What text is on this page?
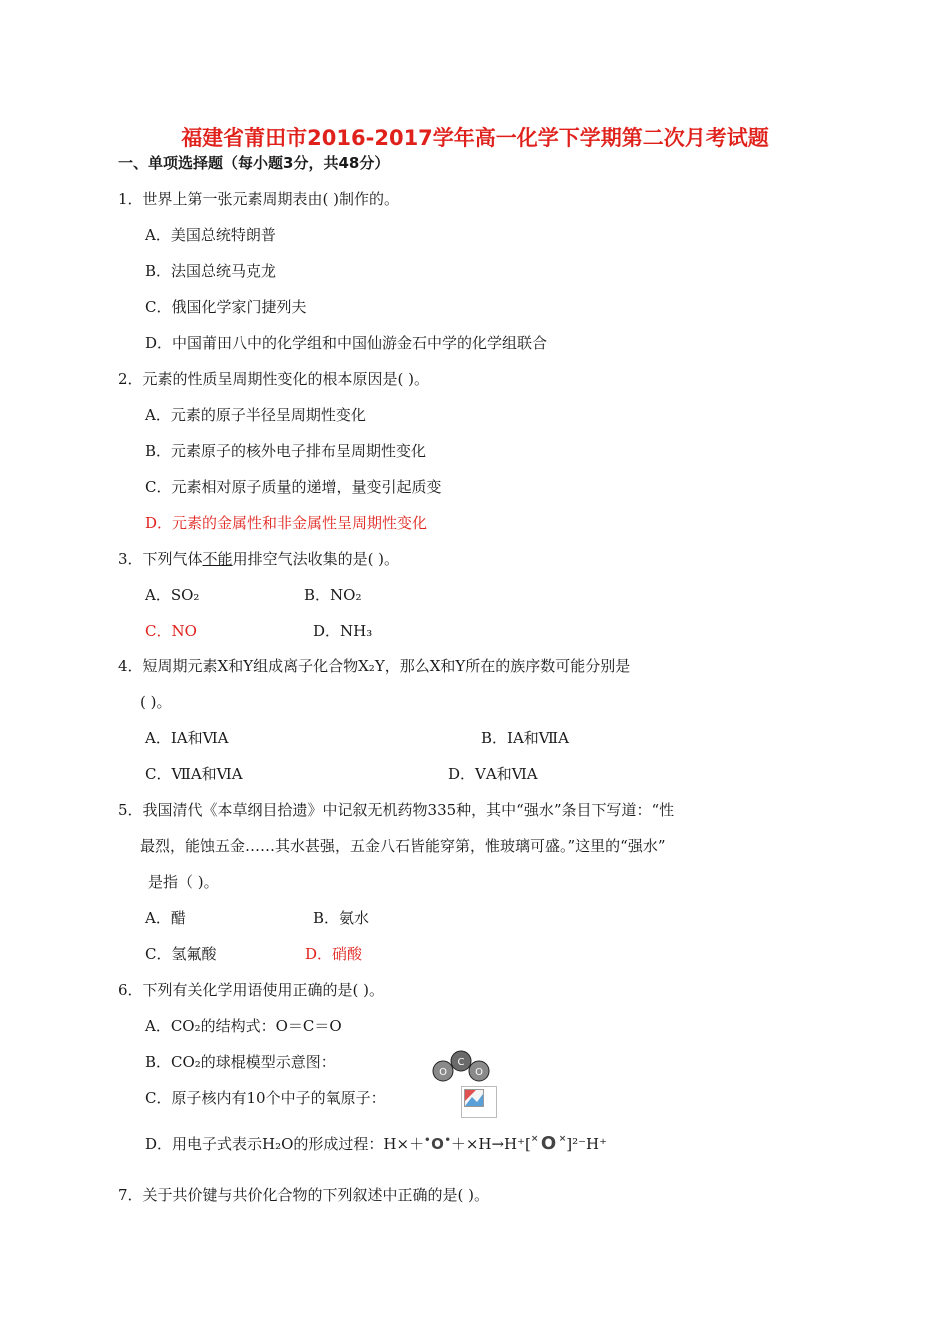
福建省莆田市2016-2017学年高一化学下学期第二次月考试题
一、单项选择题（每小题3分，共48分）
1．世界上第一张元素周期表由( )制作的。
A．美国总统特朗普
B．法国总统马克龙
C．俄国化学家门捷列夫
D．中国莆田八中的化学组和中国仙游金石中学的化学组联合
2．元素的性质呈周期性变化的根本原因是( )。
A．元素的原子半径呈周期性变化
B．元素原子的核外电子排布呈周期性变化
C．元素相对原子质量的递增，量变引起质变
D．元素的金属性和非金属性呈周期性变化
3．下列气体不能用排空气法收集的是( )。
A．SO₂	B．NO₂
C．NO	D．NH₃
4．短周期元素X和Y组成离子化合物X₂Y，那么X和Y所在的族序数可能分别是
( )。
A．ⅠA和ⅥA	B．ⅠA和ⅦA
C．ⅦA和ⅥA	D．ⅤA和ⅥA
5．我国清代《本草纲目拾遗》中记叙无机药物335种，其中“强水”条目下写道：“性
最烈，能蚀五金……其水甚强，五金八石皆能穿第，惟玻璃可盛。”这里的“强水”
是指（ )。
A．醋	B．氨水
C．氢氟酸	D．硝酸
6．下列有关化学用语使用正确的是( )。
A．CO₂的结构式：O＝C＝O
B．CO₂的球棍模型示意图：
O
C
O
C．原子核内有10个中子的氧原子：
D．用电子式表示H₂O的形成过程：H×＋ • O • ＋×H→H⁺[ × O × ]²⁻H⁺
7．关于共价键与共价化合物的下列叙述中正确的是( )。
